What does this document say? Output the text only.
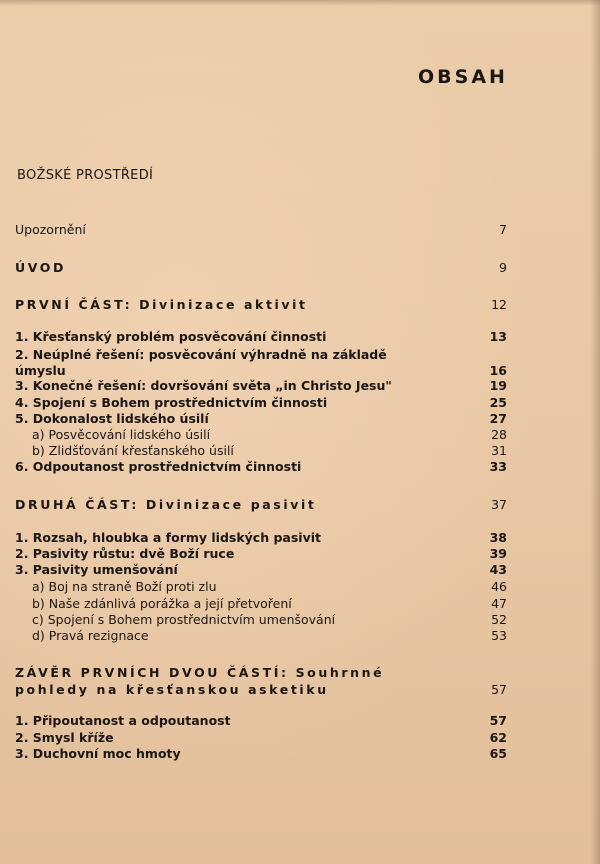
OBSAH
BOŽSKÉ PROSTŘEDÍ
Upozornění	7
ÚVOD	9
PRVNÍ ČÁST: Divinizace aktivit	12
1. Křesťanský problém posvěcování činnosti	13
2. Neúplné řešení: posvěcování výhradně na základě
úmyslu	16
3. Konečné řešení: dovršování světa „in Christo Jesu"	19
4. Spojení s Bohem prostřednictvím činnosti	25
5. Dokonalost lidského úsilí	27
a) Posvěcování lidského úsilí	28
b) Zlidšťování křesťanského úsilí	31
6. Odpoutanost prostřednictvím činnosti	33
DRUHÁ ČÁST: Divinizace pasivit	37
1. Rozsah, hloubka a formy lidských pasivit	38
2. Pasivity růstu: dvě Boží ruce	39
3. Pasivity umenšování	43
a) Boj na straně Boží proti zlu	46
b) Naše zdánlivá porážka a její přetvoření	47
c) Spojení s Bohem prostřednictvím umenšování	52
d) Pravá rezignace	53
ZÁVĚR PRVNÍCH DVOU ČÁSTÍ: Souhrnné
pohledy na křesťanskou asketiku	57
1. Připoutanost a odpoutanost	57
2. Smysl kříže	62
3. Duchovní moc hmoty	65
